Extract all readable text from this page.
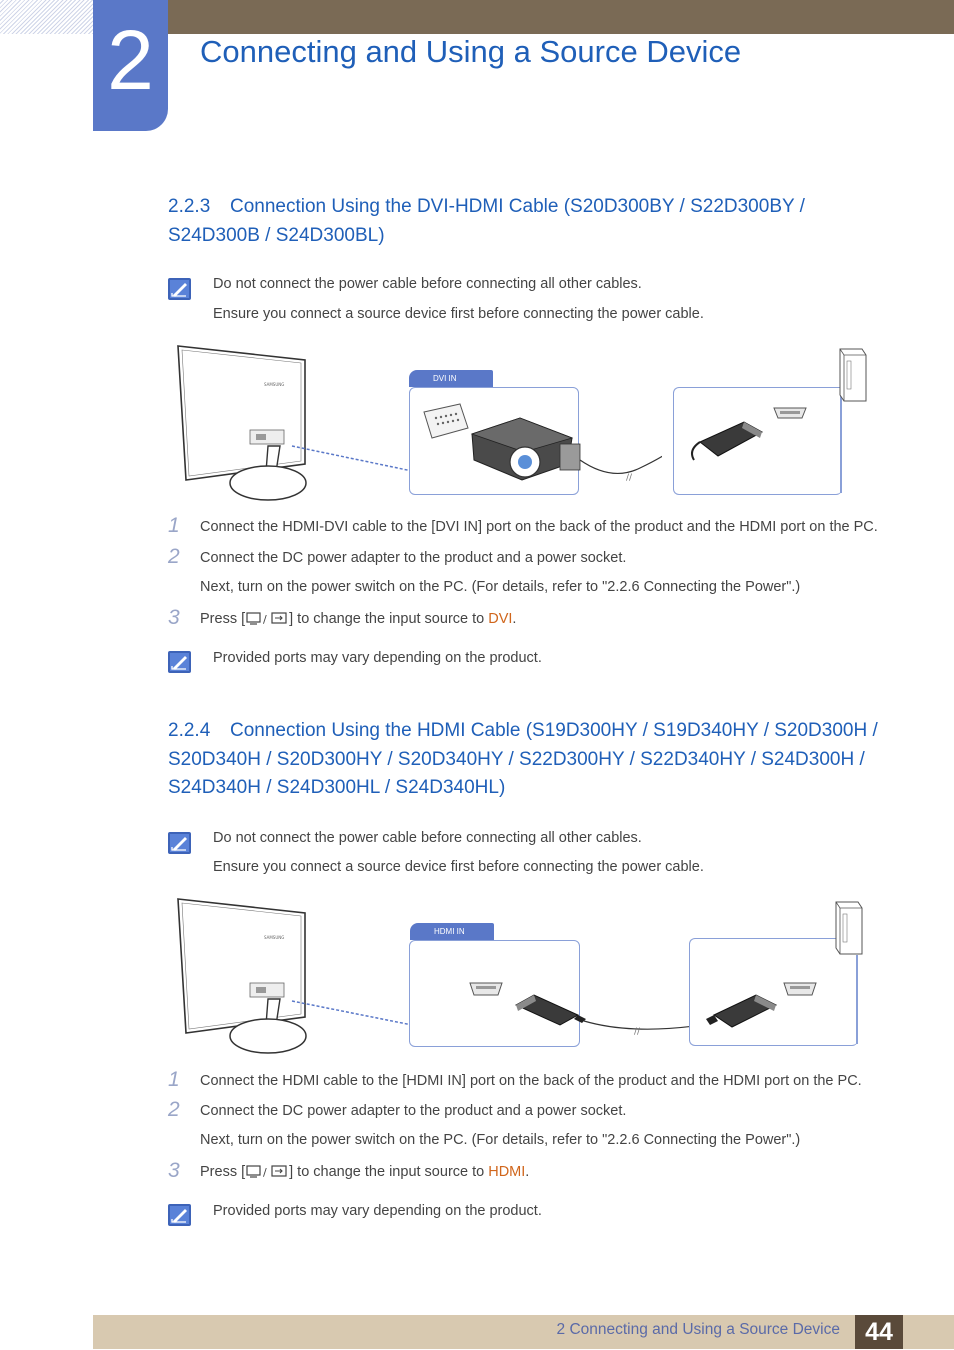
2	Connecting and Using a Source Device
2.2.3 Connection Using the DVI-HDMI Cable (S20D300BY / S22D300BY / S24D300B / S24D300BL)
Do not connect the power cable before connecting all other cables.
Ensure you connect a source device first before connecting the power cable.
SAMSUNG
DVI IN
//
1 Connect the HDMI-DVI cable to the [DVI IN] port on the back of the product and the HDMI port on the PC.
2 Connect the DC power adapter to the product and a power socket.
Next, turn on the power switch on the PC. (For details, refer to "2.2.6 Connecting the Power".)
3 Press [ / ] to change the input source to DVI.
Provided ports may vary depending on the product.
2.2.4 Connection Using the HDMI Cable (S19D300HY / S19D340HY / S20D300H / S20D340H / S20D300HY / S20D340HY / S22D300HY / S22D340HY / S24D300H / S24D340H / S24D300HL / S24D340HL)
Do not connect the power cable before connecting all other cables.
Ensure you connect a source device first before connecting the power cable.
SAMSUNG
HDMI IN
//
1 Connect the HDMI cable to the [HDMI IN] port on the back of the product and the HDMI port on the PC.
2 Connect the DC power adapter to the product and a power socket.
Next, turn on the power switch on the PC. (For details, refer to "2.2.6 Connecting the Power".)
3 Press [ / ] to change the input source to HDMI.
Provided ports may vary depending on the product.
2 Connecting and Using a Source Device	44
